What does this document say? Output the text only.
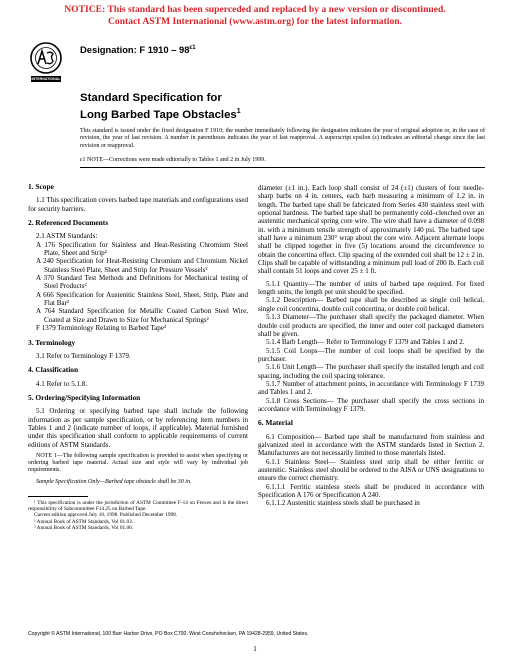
NOTICE: This standard has been superceded and replaced by a new version or discontinued.
Contact ASTM International (www.astm.org) for the latest information.
INTERNATIONAL
Designation: F $1910 - 98^{\varepsilon 1}$
Standard Specification for
Long Barbed Tape Obstacles$^1$
This standard is issued under the fixed designation F 1910; the number immediately following the designation indicates the year of original adoption or, in the case of revision, the year of last revision. A number in parentheses indicates the year of last reapproval. A superscript epsilon (ε) indicates an editorial change since the last revision or reapproval.
ε1 NOTE—Corrections were made editorially to Tables 1 and 2 in July 1999.

1. Scope

1.1 This specification covers barbed tape materials and configurations used for security barriers.

2. Referenced Documents

2.1 ASTM Standards:

A 176 Specification for Stainless and Heat-Resisting Chromium Steel Plate, Sheet and Strip²

A 240 Specification for Heat-Resisting Chromium and Chromium Nickel Stainless Steel Plate, Sheet and Strip for Pressure Vessels²

A 370 Standard Test Methods and Definitions for Mechanical testing of Steel Products²

A 666 Specification for Austenitic Stainless Steel, Sheet, Strip, Plate and Flat Bar²

A 764 Standard Specification for Metallic Coated Carbon Steel Wire, Coated at Size and Drawn to Size for Mechanical Springs²

F 1379 Terminology Relating to Barbed Tape³

3. Terminology

3.1 Refer to Terminology F 1379.

4. Classification

4.1 Refer to 5.1.8.

5. Ordering/Specifying Information

5.1 Ordering or specifying barbed tape shall include the following information as per sample specification, or by referencing item numbers in Tables 1 and 2 (indicate number of loops, if applicable). Material furnished under this specification shall conform to applicable requirements of current editions of ASTM Standards.

NOTE 1—The following sample specification is provided to assist when specifying or ordering barbed tape material. Actual size and style will vary by individual job requirements.

Sample Specification Only—Barbed tape obstacle shall be 30 in.

¹ This specification is under the jurisdiction of ASTM Committee F-14 on Fences and is the direct responsibility of Subcommittee F14.25 on Barbed Tape.

Current edition approved July 10, 1998. Published December 1998.

² Annual Book of ASTM Standards, Vol 01.03.

³ Annual Book of ASTM Standards, Vol 01.06.

diameter (±1 in.). Each loop shall consist of 24 (±1) clusters of four needle-sharp barbs on 4 in. centers, each barb measuring a minimum of 1.2 in. in length. The barbed tape shall be fabricated from Series 430 stainless steel with optional hardness. The barbed tape shall be permanently cold–clenched over an austenitic mechanical spring core wire. The wire shall have a diameter of 0.098 in. with a minimum tensile strength of approximately 140 psi. The barbed tape shall have a minimum 230° wrap about the core wire. Adjacent alternate loops shall be clipped together in five (5) locations around the circumference to obtain the concertina effect. Clip spacing of the extended coil shall be 12 ± 2 in. Clips shall be capable of withstanding a minimum pull load of 200 lb. Each coil shall contain 51 loops and cover 25 ± 1 ft.

5.1.1 Quantity—The number of units of barbed tape required. For fixed length units, the length per unit should be specified.

5.1.2 Description— Barbed tape shall be described as single coil helical, single coil concertina, double coil concertina, or double coil helical.

5.1.3 Diameter—The purchaser shall specify the packaged diameter. When double coil products are specified, the inner and outer coil packaged diameters shall be given.

5.1.4 Barb Length— Refer to Terminology F 1379 and Tables 1 and 2.

5.1.5 Coil Loops—The number of coil loops shall be specified by the purchaser.

5.1.6 Unit Length— The purchaser shall specify the installed length and coil spacing, including the coil spacing tolerance.

5.1.7 Number of attachment points, in accordance with Terminology F 1739 and Tables 1 and 2.

5.1.8 Cross Sections— The purchaser shall specify the cross sections in accordance with Terminology F 1379.

6. Material

6.1 Composition— Barbed tape shall be manufactured from stainless and galvanized steel in accordance with the ASTM standards listed in Section 2. Manufacturers are not necessarily limited to those materials listed.

6.1.1 Stainless Steel— Stainless steel strip shall be either ferritic or austenitic. Stainless steel should be ordered to the AISA or UNS designations to ensure the correct chemistry.

6.1.1.1 Ferritic stainless steels shall be produced in accordance with Specification A 176 or Specification A 240.

6.1.1.2 Austenitic stainless steels shall be purchased in

Copyright © ASTM International, 100 Barr Harbor Drive, PO Box C700, West Conshohocken, PA 19428-2959, United States.
1
